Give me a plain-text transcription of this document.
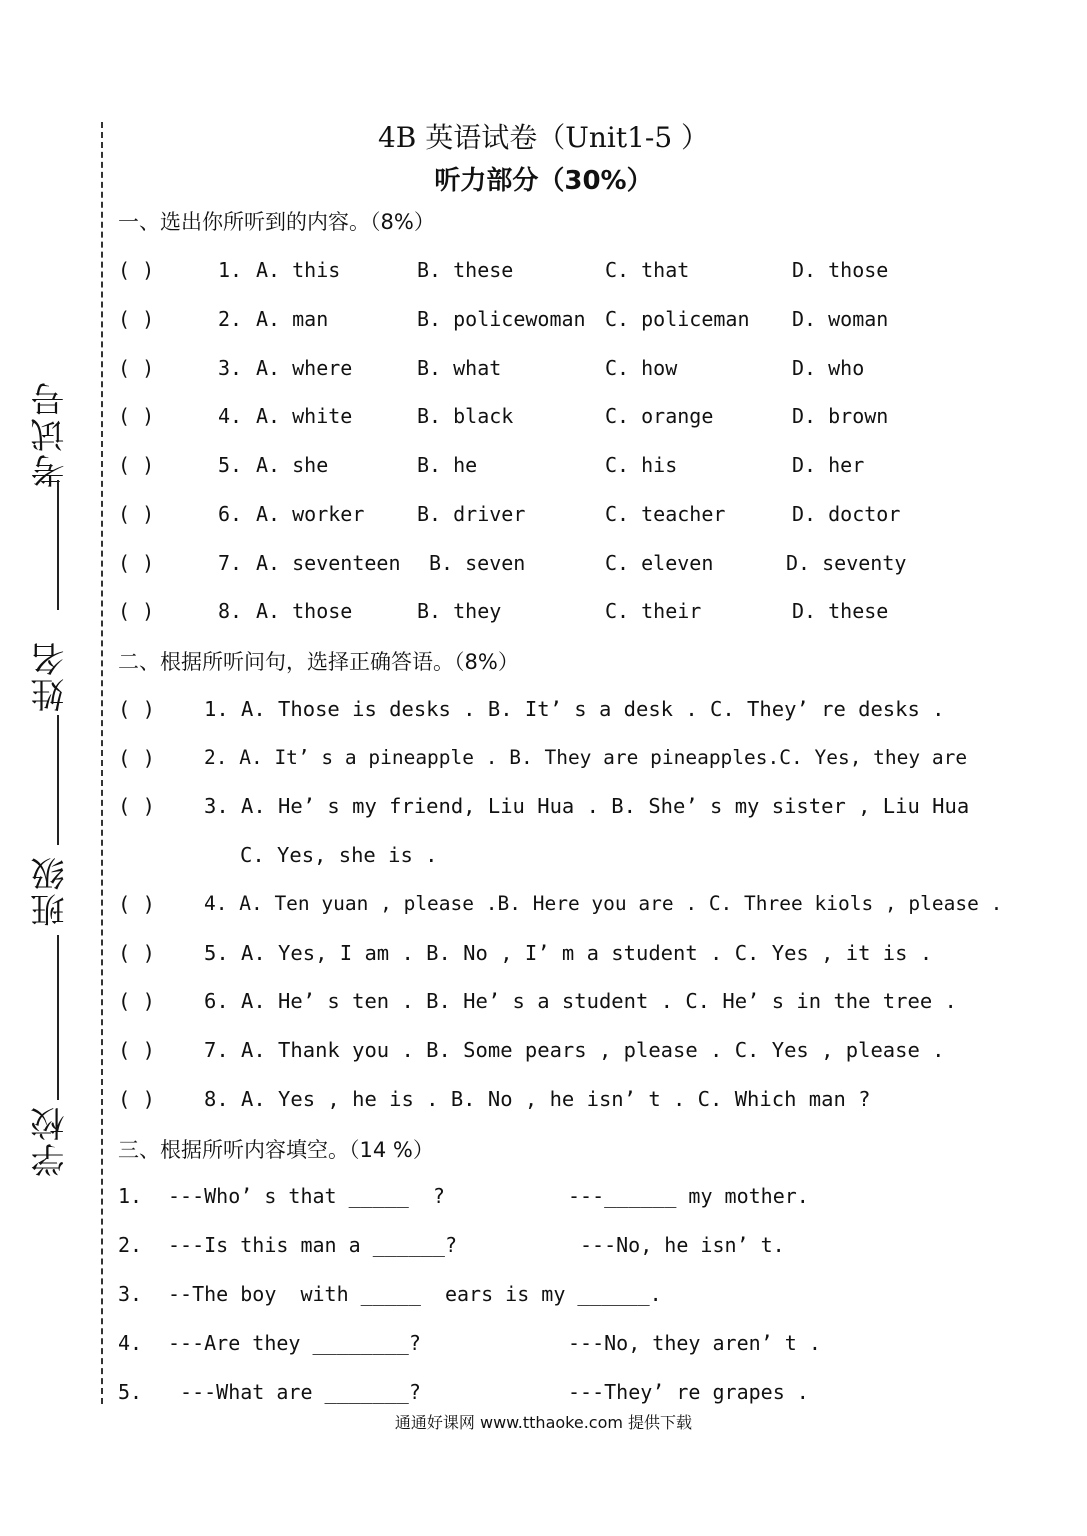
考试号
姓名
班级
学校
4B 英语试卷（Unit1-5 ）
听力部分（30%）
一、选出你所听到的内容。（8%）
( )	1. A. this	B. these	C. that	D. those
( )	2. A. man	B. policewoman C. policeman D. woman
( )	3. A. where	B. what	C. how	D. who
( )	4. A. white	B. black	C. orange	D. brown
( )	5. A. she	B. he	C. his	D. her
( )	6. A. worker	B. driver	C. teacher	D. doctor
( )	7. A. seventeen B. seven	C. eleven	D. seventy
( )	8. A. those	B. they	C. their	D. these
二、根据所听问句，选择正确答语。（8%）
( ) 1. A. Those is desks . B. It’ s a desk . C. They’ re desks .
( )	2. A. It’ s a pineapple . B. They are pineapples.C. Yes, they are
( ) 3. A. He’ s my friend, Liu Hua . B. She’ s my sister , Liu Hua
C. Yes, she is .
( )	4. A. Ten yuan , please .B. Here you are . C. Three kiols , please .
( ) 5. A. Yes, I am . B. No , I’ m a student . C. Yes , it is .
( ) 6. A. He’ s ten . B. He’ s a student . C. He’ s in the tree .
( ) 7. A. Thank you . B. Some pears , please . C. Yes , please .
( ) 8. A. Yes , he is . B. No , he isn’ t . C. Which man ?
三、根据所听内容填空。（14 %）
1. ---Who’ s that _____  ?	---______ my mother.
2. ---Is this man a ______?	---No, he isn’ t.
3. --The boy  with _____  ears is my ______.
4. ---Are they ________?	---No, they aren’ t .
5. ---What are _______?	---They’ re grapes .
通通好课网 www.tthaoke.com 提供下载
